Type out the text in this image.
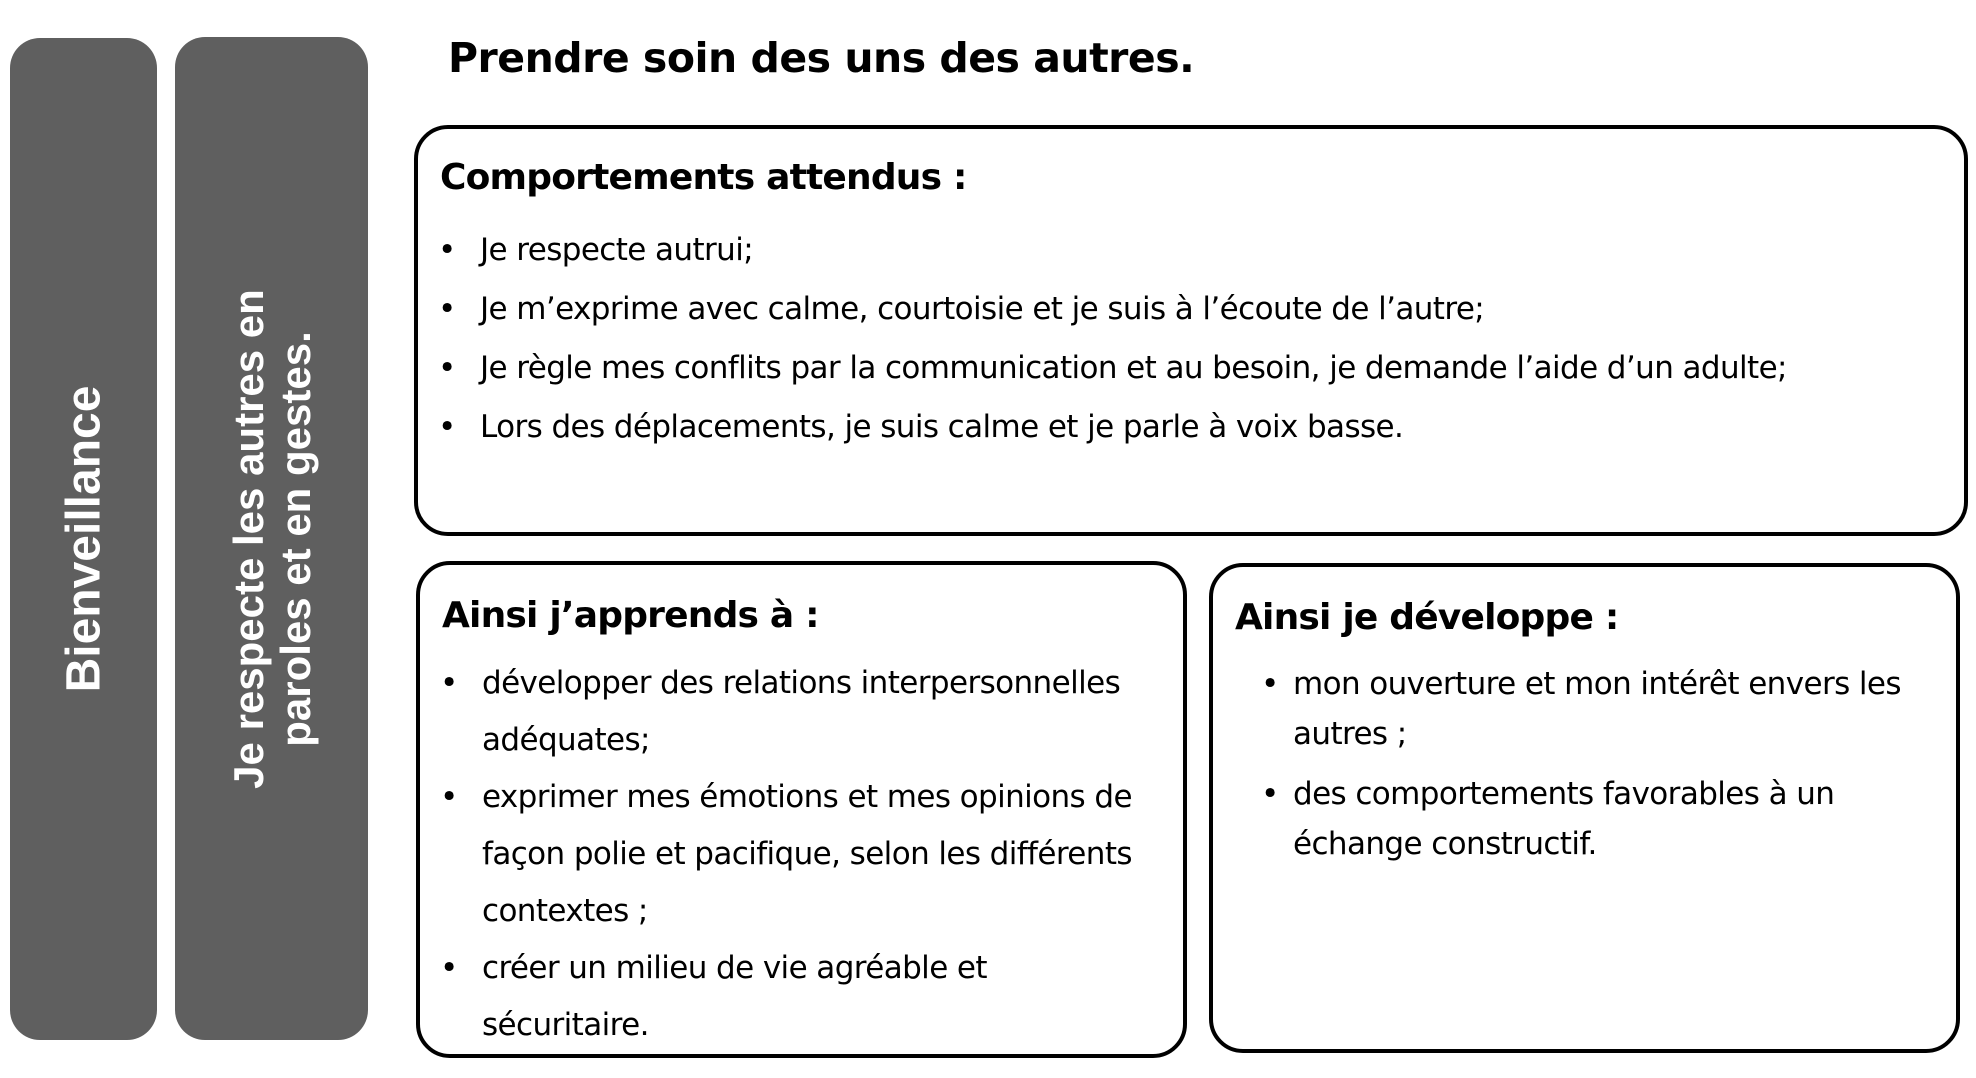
Bienveillance	Je respecte les autres en paroles et en gestes.
Prendre soin des uns des autres.
Comportements attendus :
• Je respecte autrui;
• Je m’exprime avec calme, courtoisie et je suis à l’écoute de l’autre;
• Je règle mes conflits par la communication et au besoin, je demande l’aide d’un adulte;
• Lors des déplacements, je suis calme et je parle à voix basse.
Ainsi j’apprends à :
• développer des relations interpersonnelles adéquates;
• exprimer mes émotions et mes opinions de façon polie et pacifique, selon les différents contextes ;
• créer un milieu de vie agréable et sécuritaire.
Ainsi je développe :
• mon ouverture et mon intérêt envers les autres ;
• des comportements favorables à un échange constructif.
